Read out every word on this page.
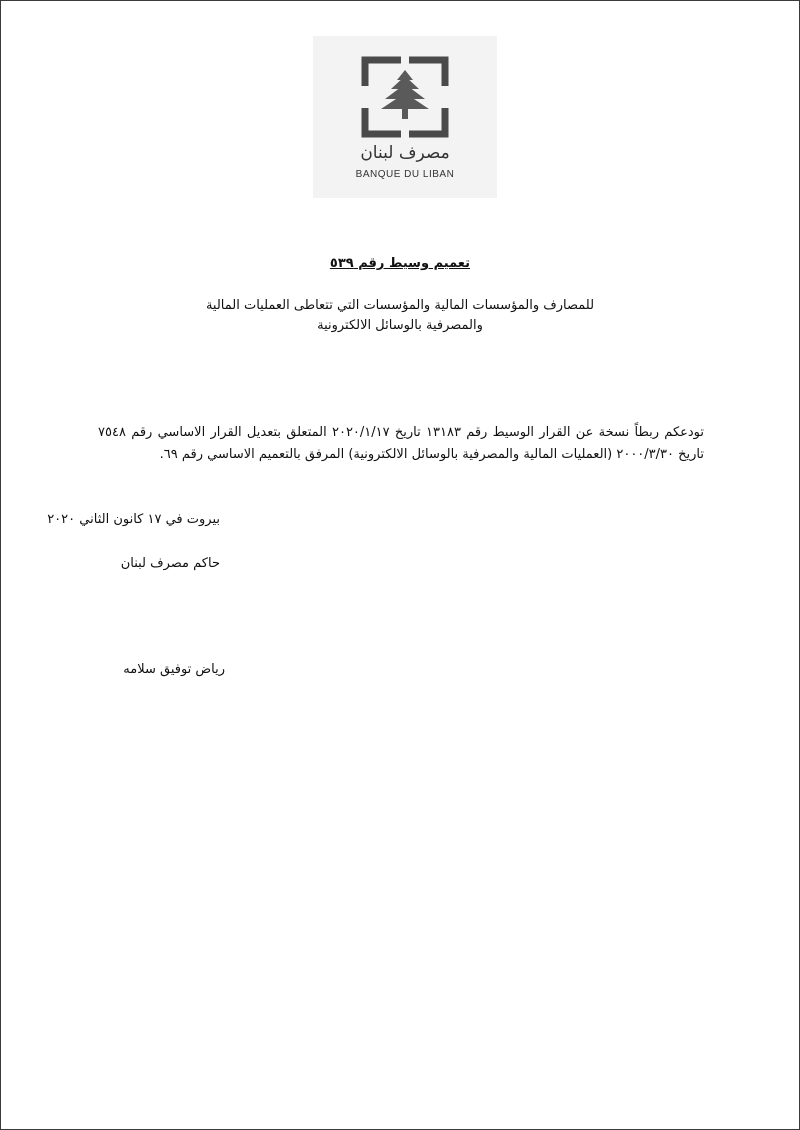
مصرف لبنان
BANQUE DU LIBAN
تعميم وسيط رقم ٥٣٩
للمصارف والمؤسسات المالية والمؤسسات التي تتعاطى العمليات المالية
والمصرفية بالوسائل الالكترونية
تودعكم ربطاً نسخة عن القرار الوسيط رقم ١٣١٨٣ تاريخ ٢٠٢٠/١/١٧ المتعلق بتعديل القرار الاساسي رقم ٧٥٤٨ تاريخ ٢٠٠٠/٣/٣٠ (العمليات المالية والمصرفية بالوسائل الالكترونية) المرفق بالتعميم الاساسي رقم ٦٩.
بيروت في ١٧ كانون الثاني ٢٠٢٠
حاكم مصرف لبنان
رياض توفيق سلامه
